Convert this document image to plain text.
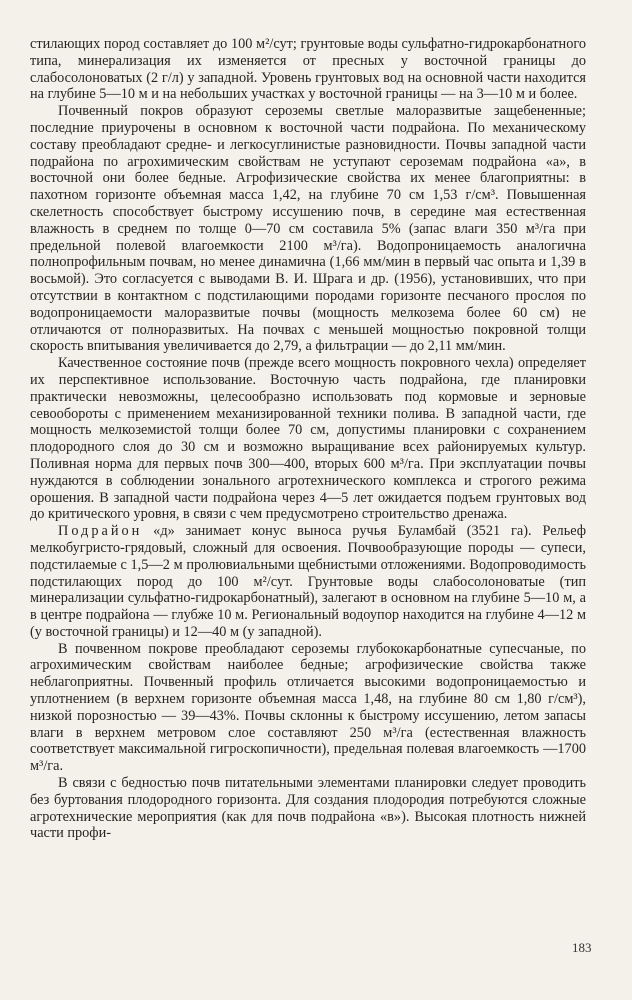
стилающих пород составляет до 100 м²/сут; грунтовые воды сульфатно-гидрокарбонатного типа, минерализация их изменяется от пресных у восточной границы до слабосолоноватых (2 г/л) у западной. Уровень грунтовых вод на основной части находится на глубине 5—10 м и на небольших участках у восточной границы — на 3—10 м и более.

Почвенный покров образуют сероземы светлые малоразвитые защебененные; последние приурочены в основном к восточной части подрайона. По механическому составу преобладают средне- и легкосуглинистые разновидности. Почвы западной части подрайона по агрохимическим свойствам не уступают сероземам подрайона «а», в восточной они более бедные. Агрофизические свойства их менее благоприятны: в пахотном горизонте объемная масса 1,42, на глубине 70 см 1,53 г/см³. Повышенная скелетность способствует быстрому иссушению почв, в середине мая естественная влажность в среднем по толще 0—70 см составила 5% (запас влаги 350 м³/га при предельной полевой влагоемкости 2100 м³/га). Водопроницаемость аналогична полнопрофильным почвам, но менее динамична (1,66 мм/мин в первый час опыта и 1,39 в восьмой). Это согласуется с выводами В. И. Шрага и др. (1956), установивших, что при отсутствии в контактном с подстилающими породами горизонте песчаного прослоя по водопроницаемости малоразвитые почвы (мощность мелкозема более 60 см) не отличаются от полноразвитых. На почвах с меньшей мощностью покровной толщи скорость впитывания увеличивается до 2,79, а фильтрации — до 2,11 мм/мин.

Качественное состояние почв (прежде всего мощность покровного чехла) определяет их перспективное использование. Восточную часть подрайона, где планировки практически невозможны, целесообразно использовать под кормовые и зерновые севообороты с применением механизированной техники полива. В западной части, где мощность мелкоземистой толщи более 70 см, допустимы планировки с сохранением плодородного слоя до 30 см и возможно выращивание всех районируемых культур. Поливная норма для первых почв 300—400, вторых 600 м³/га. При эксплуатации почвы нуждаются в соблюдении зонального агротехнического комплекса и строгого режима орошения. В западной части подрайона через 4—5 лет ожидается подъем грунтовых вод до критического уровня, в связи с чем предусмотрено строительство дренажа.

Подрайон «д» занимает конус выноса ручья Буламбай (3521 га). Рельеф мелкобугристо-грядовый, сложный для освоения. Почвообразующие породы — супеси, подстилаемые с 1,5—2 м пролювиальными щебнистыми отложениями. Водопроводимость подстилающих пород до 100 м²/сут. Грунтовые воды слабосолоноватые (тип минерализации сульфатно-гидрокарбонатный), залегают в основном на глубине 5—10 м, а в центре подрайона — глубже 10 м. Региональный водоупор находится на глубине 4—12 м (у восточной границы) и 12—40 м (у западной).

В почвенном покрове преобладают сероземы глубококарбонатные супесчаные, по агрохимическим свойствам наиболее бедные; агрофизические свойства также неблагоприятны. Почвенный профиль отличается высокими водопроницаемостью и уплотнением (в верхнем горизонте объемная масса 1,48, на глубине 80 см 1,80 г/см³), низкой порозностью — 39—43%. Почвы склонны к быстрому иссушению, летом запасы влаги в верхнем метровом слое составляют 250 м³/га (естественная влажность соответствует максимальной гигроскопичности), предельная полевая влагоемкость —1700 м³/га.

В связи с бедностью почв питательными элементами планировки следует проводить без буртования плодородного горизонта. Для создания плодородия потребуются сложные агротехнические мероприятия (как для почв подрайона «в»). Высокая плотность нижней части профи-

183
